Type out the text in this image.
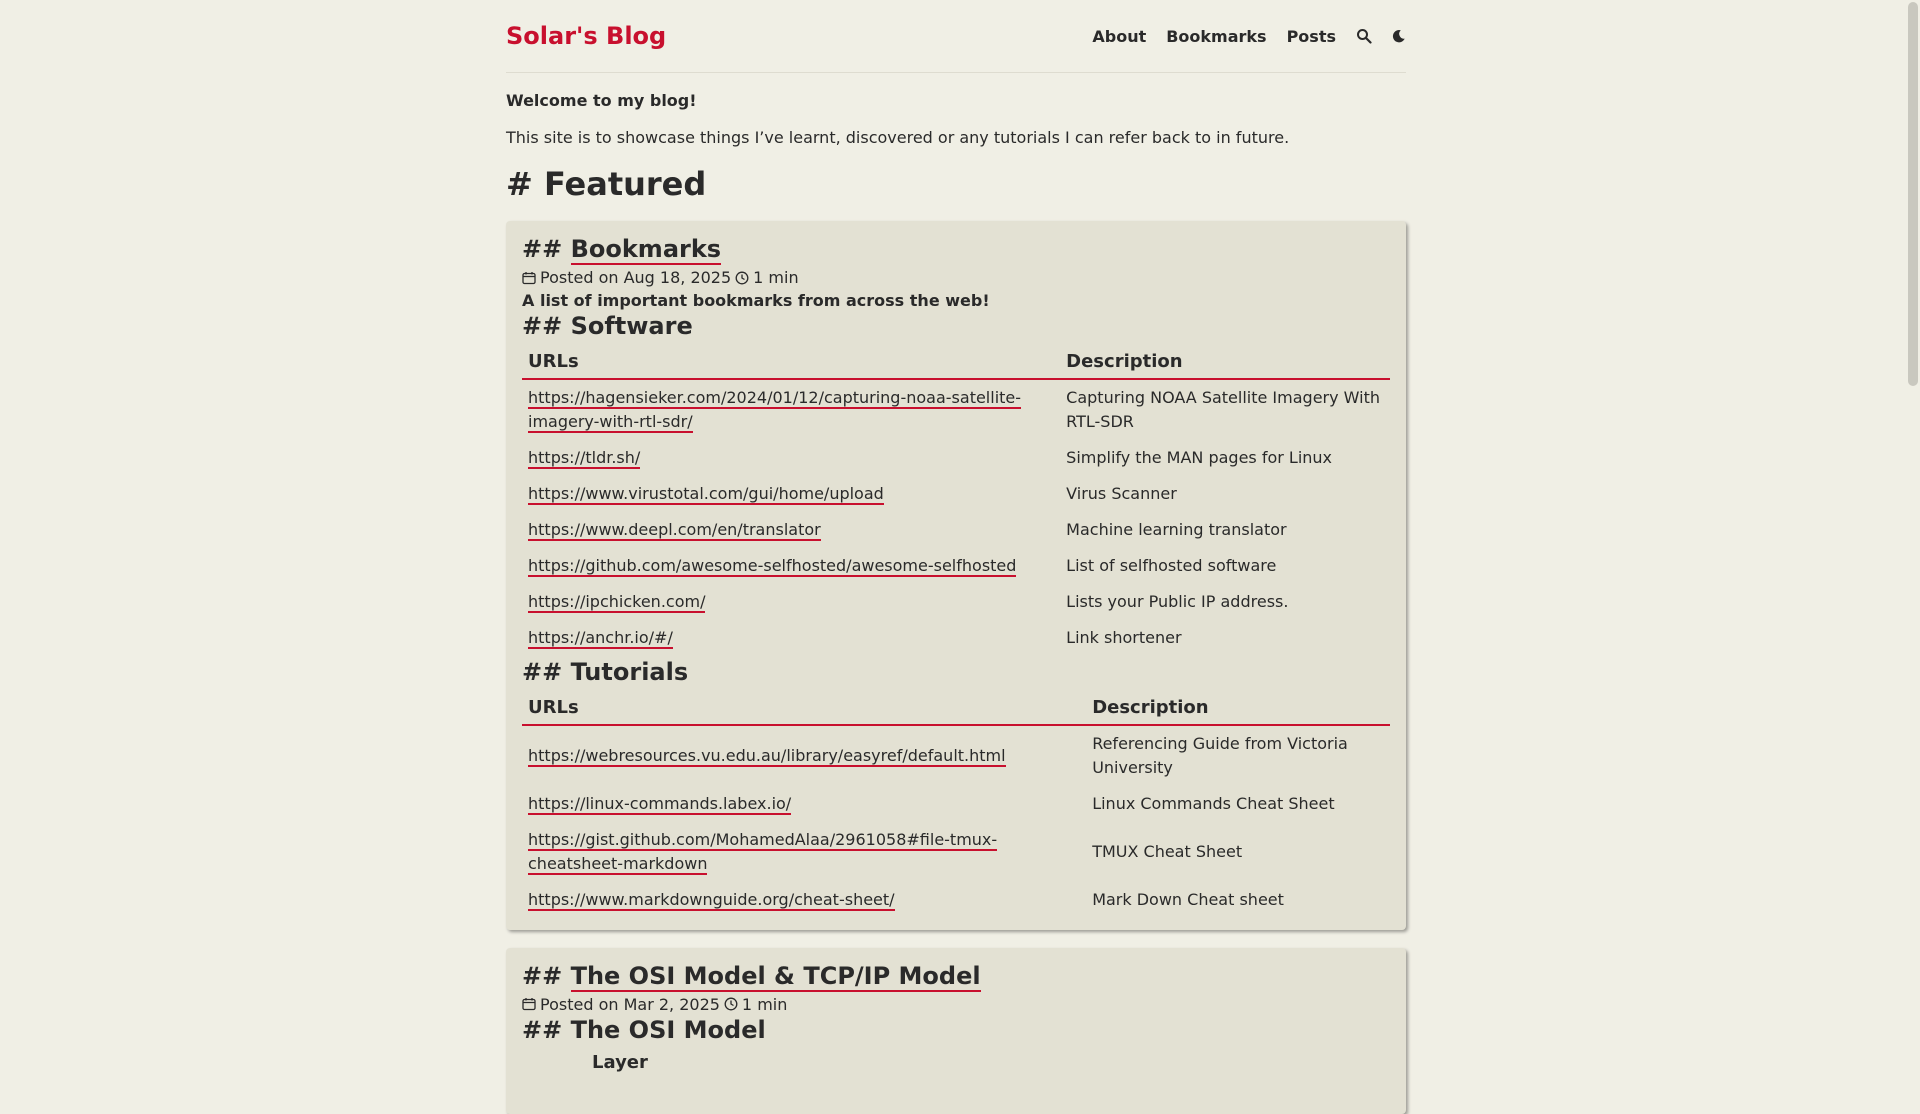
Solar's Blog	About Bookmarks Posts
Welcome to my blog!
This site is to showcase things I’ve learnt, discovered or any tutorials I can refer back to in future.
# Featured
## Bookmarks
Posted on Aug 18, 2025 1 min
A list of important bookmarks from across the web!
## Software
URLs	Description
https://hagensieker.com/2024/01/12/capturing-noaa-satellite-imagery-with-rtl-sdr/	Capturing NOAA Satellite Imagery With RTL-SDR
https://tldr.sh/	Simplify the MAN pages for Linux
https://www.virustotal.com/gui/home/upload	Virus Scanner
https://www.deepl.com/en/translator	Machine learning translator
https://github.com/awesome-selfhosted/awesome-selfhosted	List of selfhosted software
https://ipchicken.com/	Lists your Public IP address.
https://anchr.io/#/	Link shortener
## Tutorials
URLs	Description
https://webresources.vu.edu.au/library/easyref/default.html	Referencing Guide from Victoria University
https://linux-commands.labex.io/	Linux Commands Cheat Sheet
https://gist.github.com/MohamedAlaa/2961058#file-tmux-cheatsheet-markdown	TMUX Cheat Sheet
https://www.markdownguide.org/cheat-sheet/	Mark Down Cheat sheet
## The OSI Model & TCP/IP Model
Posted on Mar 2, 2025 1 min
## The OSI Model
Layer
